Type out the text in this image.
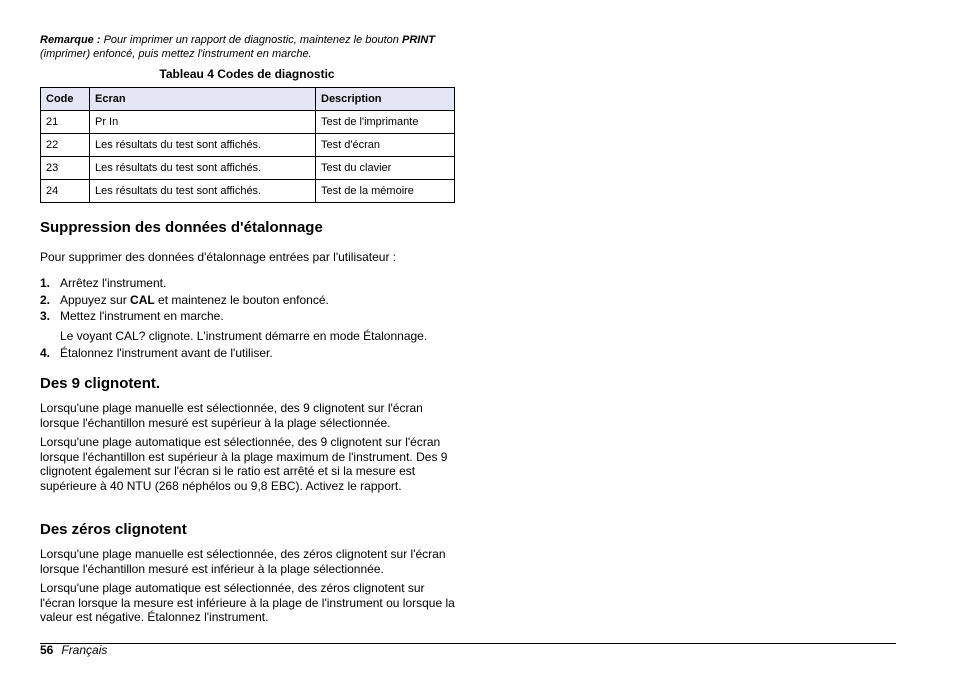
Remarque : Pour imprimer un rapport de diagnostic, maintenez le bouton PRINT (imprimer) enfoncé, puis mettez l'instrument en marche.
Tableau 4 Codes de diagnostic
Code	Ecran	Description
21	Pr In	Test de l'imprimante
22	Les résultats du test sont affichés.	Test d'écran
23	Les résultats du test sont affichés.	Test du clavier
24	Les résultats du test sont affichés.	Test de la mémoire
Suppression des données d'étalonnage

Pour supprimer des données d'étalonnage entrées par l'utilisateur :

1. Arrêtez l'instrument.
2. Appuyez sur CAL et maintenez le bouton enfoncé.
3. Mettez l'instrument en marche.
Le voyant CAL? clignote. L'instrument démarre en mode Étalonnage.
4. Étalonnez l'instrument avant de l'utiliser.
Des 9 clignotent.

Lorsqu'une plage manuelle est sélectionnée, des 9 clignotent sur l'écran lorsque l'échantillon mesuré est supérieur à la plage sélectionnée.

Lorsqu'une plage automatique est sélectionnée, des 9 clignotent sur l'écran lorsque l'échantillon est supérieur à la plage maximum de l'instrument. Des 9 clignotent également sur l'écran si le ratio est arrêté et si la mesure est supérieure à 40 NTU (268 néphélos ou 9,8 EBC). Activez le rapport.

Des zéros clignotent

Lorsqu'une plage manuelle est sélectionnée, des zéros clignotent sur l'écran lorsque l'échantillon mesuré est inférieur à la plage sélectionnée.

Lorsqu'une plage automatique est sélectionnée, des zéros clignotent sur l'écran lorsque la mesure est inférieure à la plage de l'instrument ou lorsque la valeur est négative. Étalonnez l'instrument.

56 Français
